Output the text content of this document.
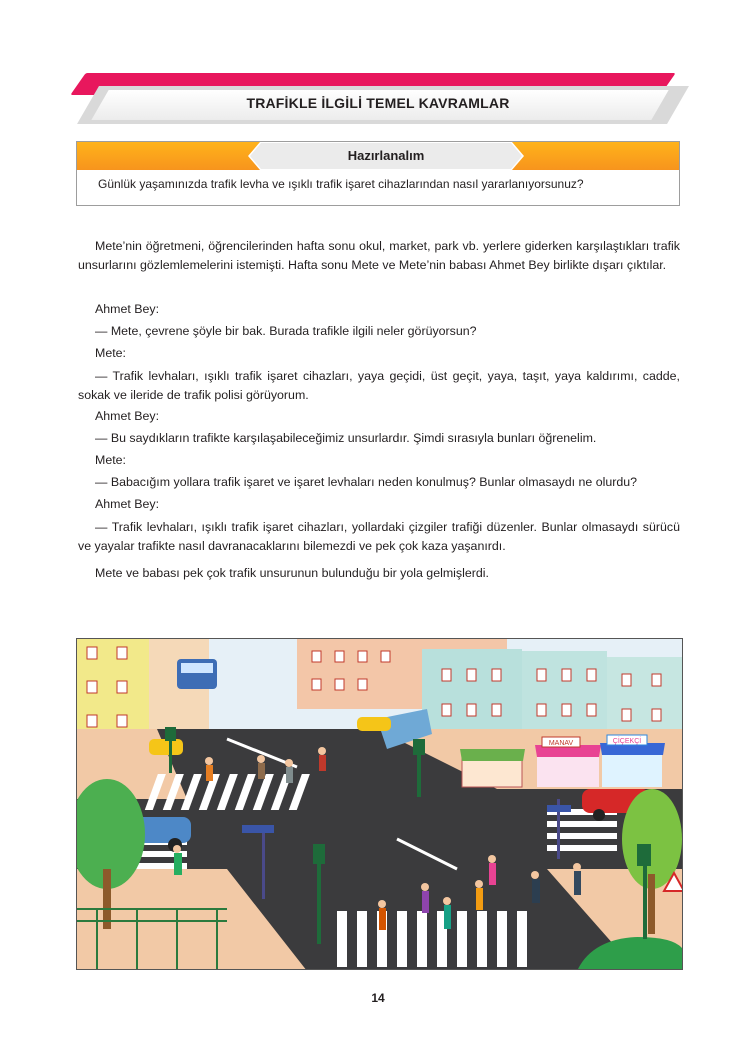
TRAFİKLE İLGİLİ TEMEL KAVRAMLAR
Hazırlanalım
Günlük yaşamınızda trafik levha ve ışıklı trafik işaret cihazlarından nasıl yararlanıyorsunuz?
Mete’nin öğretmeni, öğrencilerinden hafta sonu okul, market, park vb. yerlere giderken karşılaştıkları trafik unsurlarını gözlemlemelerini istemişti. Hafta sonu Mete ve Mete’nin babası Ahmet Bey birlikte dışarı çıktılar.
Ahmet Bey:
— Mete, çevrene şöyle bir bak. Burada trafikle ilgili neler görüyorsun?
Mete:
— Trafik levhaları, ışıklı trafik işaret cihazları, yaya geçidi, üst geçit, yaya, taşıt, yaya kaldırımı, cadde, sokak ve ileride de trafik polisi görüyorum.
Ahmet Bey:
— Bu saydıkların trafikte karşılaşabileceğimiz unsurlardır. Şimdi sırasıyla bunları öğrenelim.
Mete:
— Babacığım yollara trafik işaret ve işaret levhaları neden konulmuş? Bunlar olmasaydı ne olurdu?
Ahmet Bey:
— Trafik levhaları, ışıklı trafik işaret cihazları, yollardaki çizgiler trafiği düzenler. Bunlar olmasaydı sürücü ve yayalar trafikte nasıl davranacaklarını bilemezdi ve pek çok kaza yaşanırdı.
Mete ve babası pek çok trafik unsurunun bulunduğu bir yola gelmişlerdi.
MANAV	ÇİÇEKÇİ
14
